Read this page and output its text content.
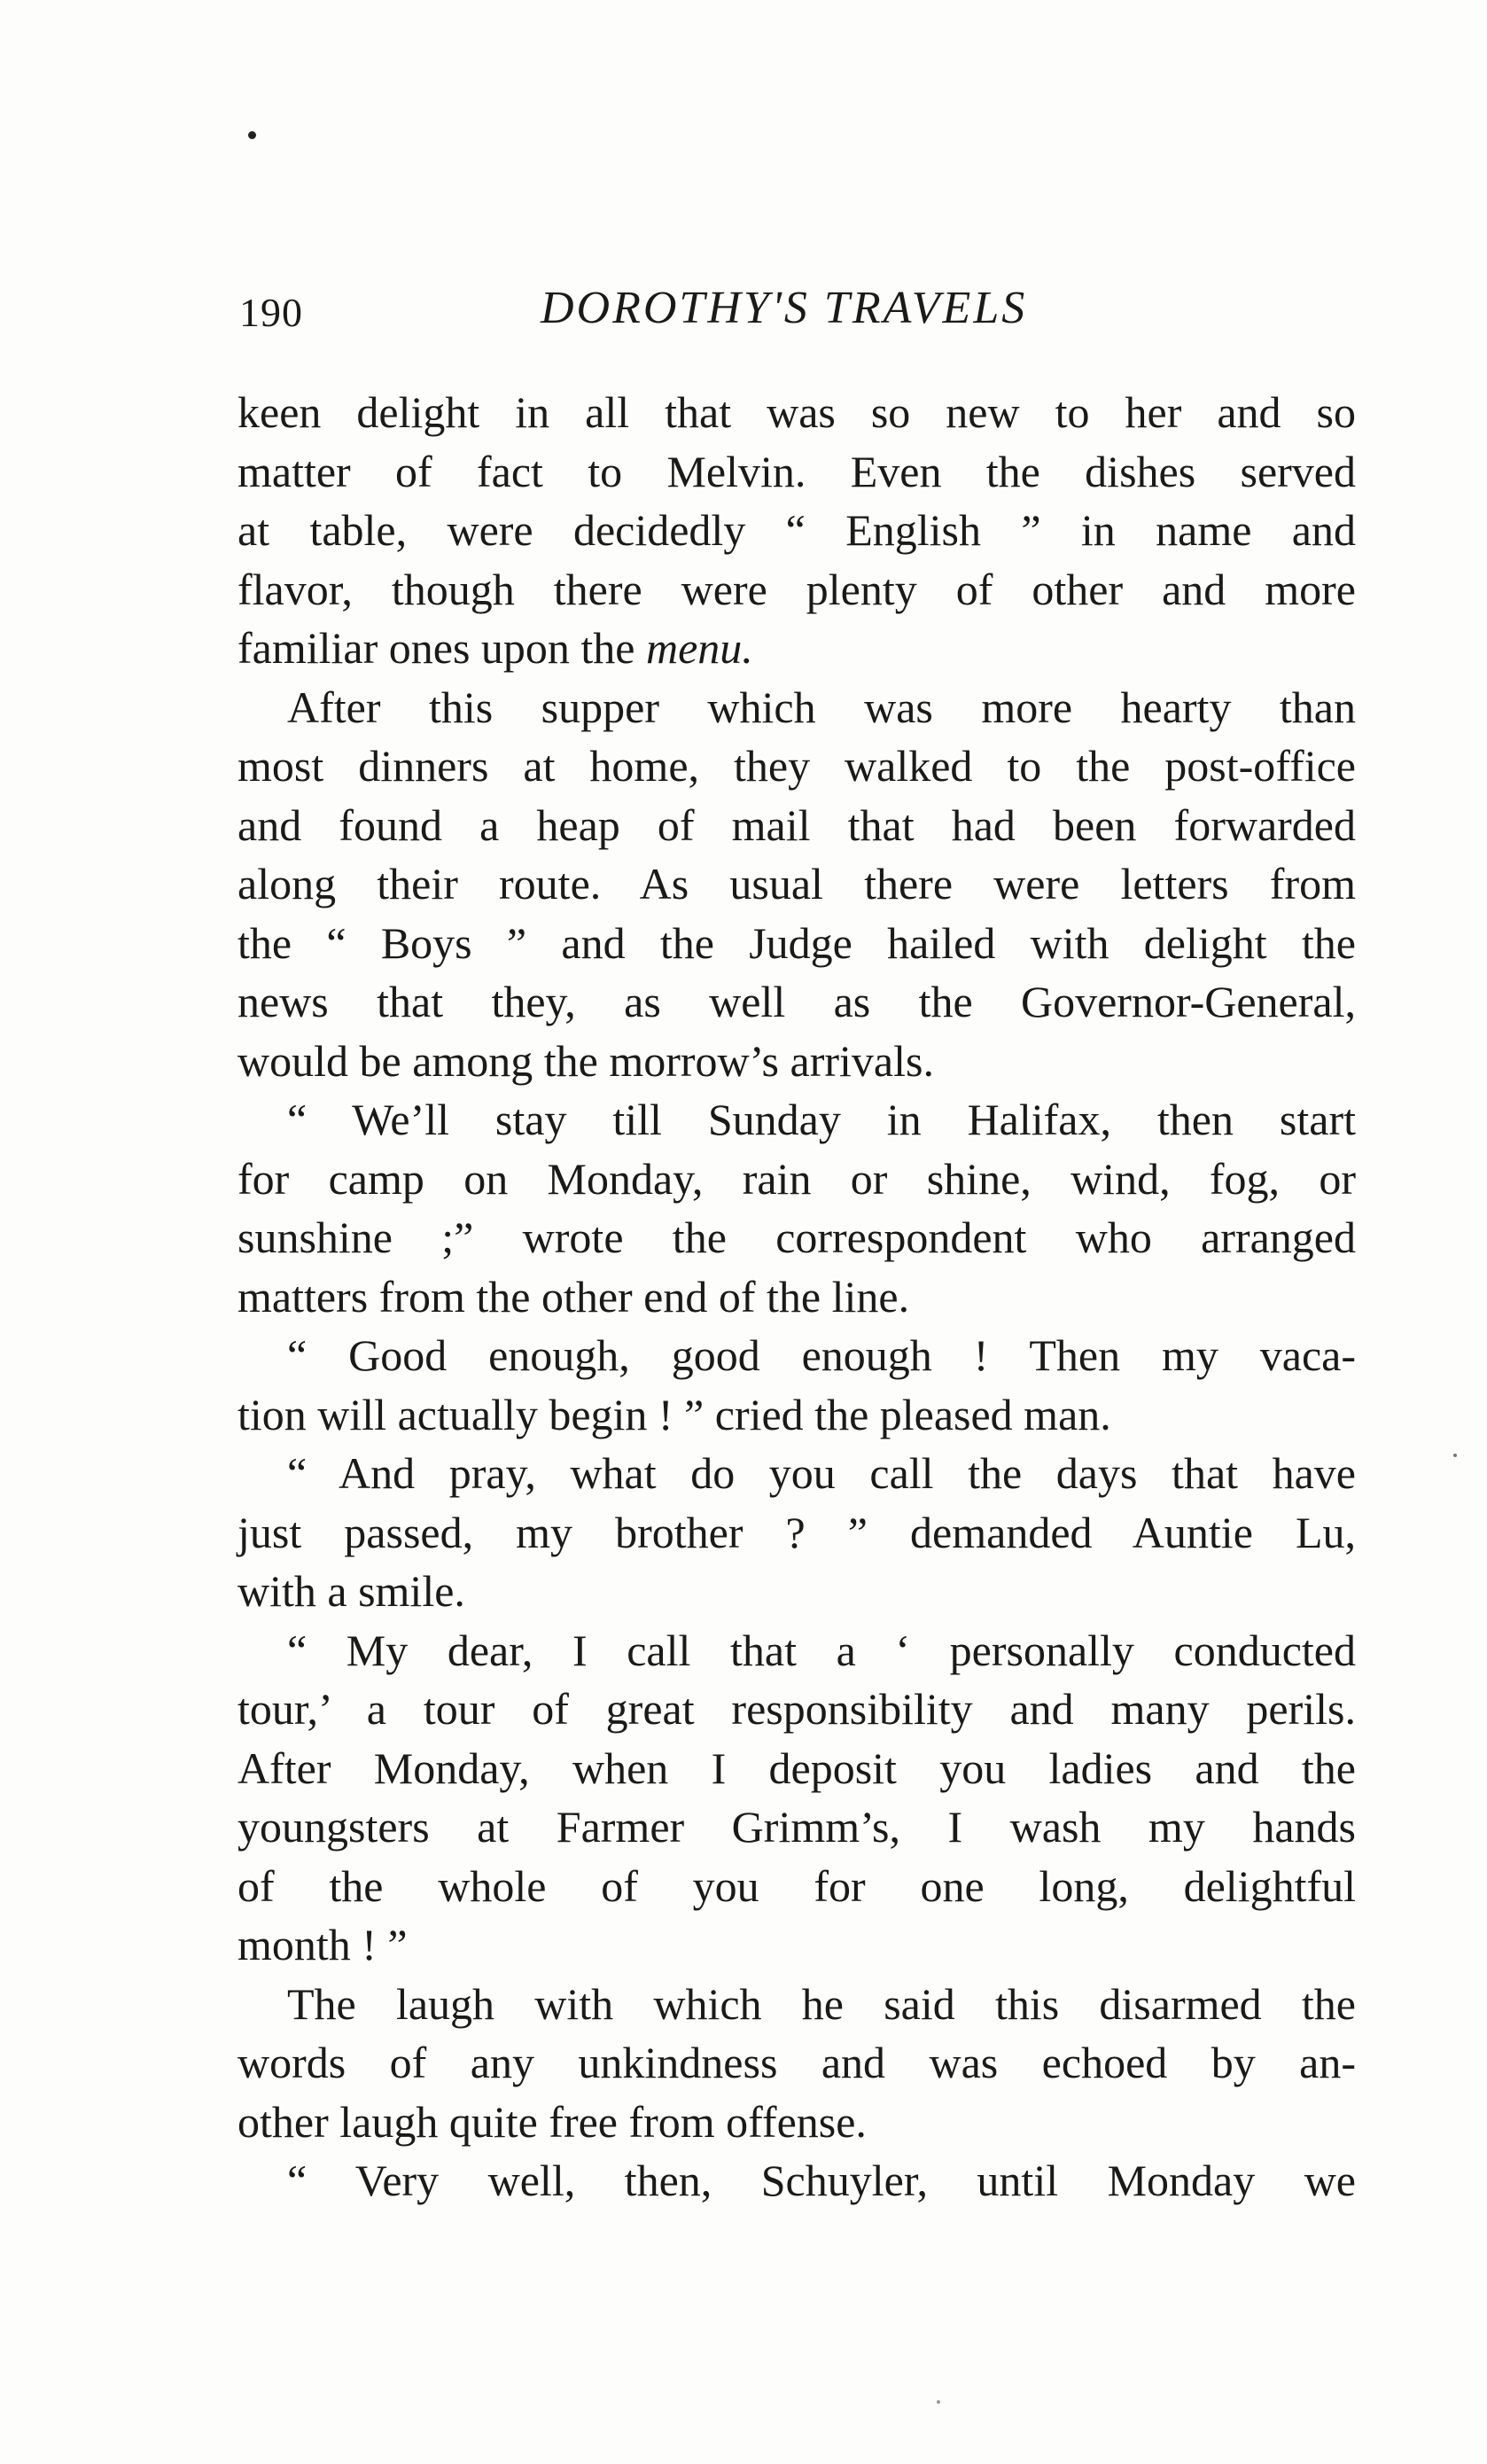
190	DOROTHY'S TRAVELS
keen delight in all that was so new to her and so
matter of fact to Melvin. Even the dishes served
at table, were decidedly “ English ” in name and
flavor, though there were plenty of other and more
familiar ones upon the menu.
After this supper which was more hearty than
most dinners at home, they walked to the post-office
and found a heap of mail that had been forwarded
along their route. As usual there were letters from
the “ Boys ” and the Judge hailed with delight the
news that they, as well as the Governor-General,
would be among the morrow’s arrivals.
“ We’ll stay till Sunday in Halifax, then start
for camp on Monday, rain or shine, wind, fog, or
sunshine ;” wrote the correspondent who arranged
matters from the other end of the line.
“ Good enough, good enough ! Then my vaca-
tion will actually begin ! ” cried the pleased man.
“ And pray, what do you call the days that have
just passed, my brother ? ” demanded Auntie Lu,
with a smile.
“ My dear, I call that a ‘ personally conducted
tour,’ a tour of great responsibility and many perils.
After Monday, when I deposit you ladies and the
youngsters at Farmer Grimm’s, I wash my hands
of the whole of you for one long, delightful
month ! ”
The laugh with which he said this disarmed the
words of any unkindness and was echoed by an-
other laugh quite free from offense.
“ Very well, then, Schuyler, until Monday we
